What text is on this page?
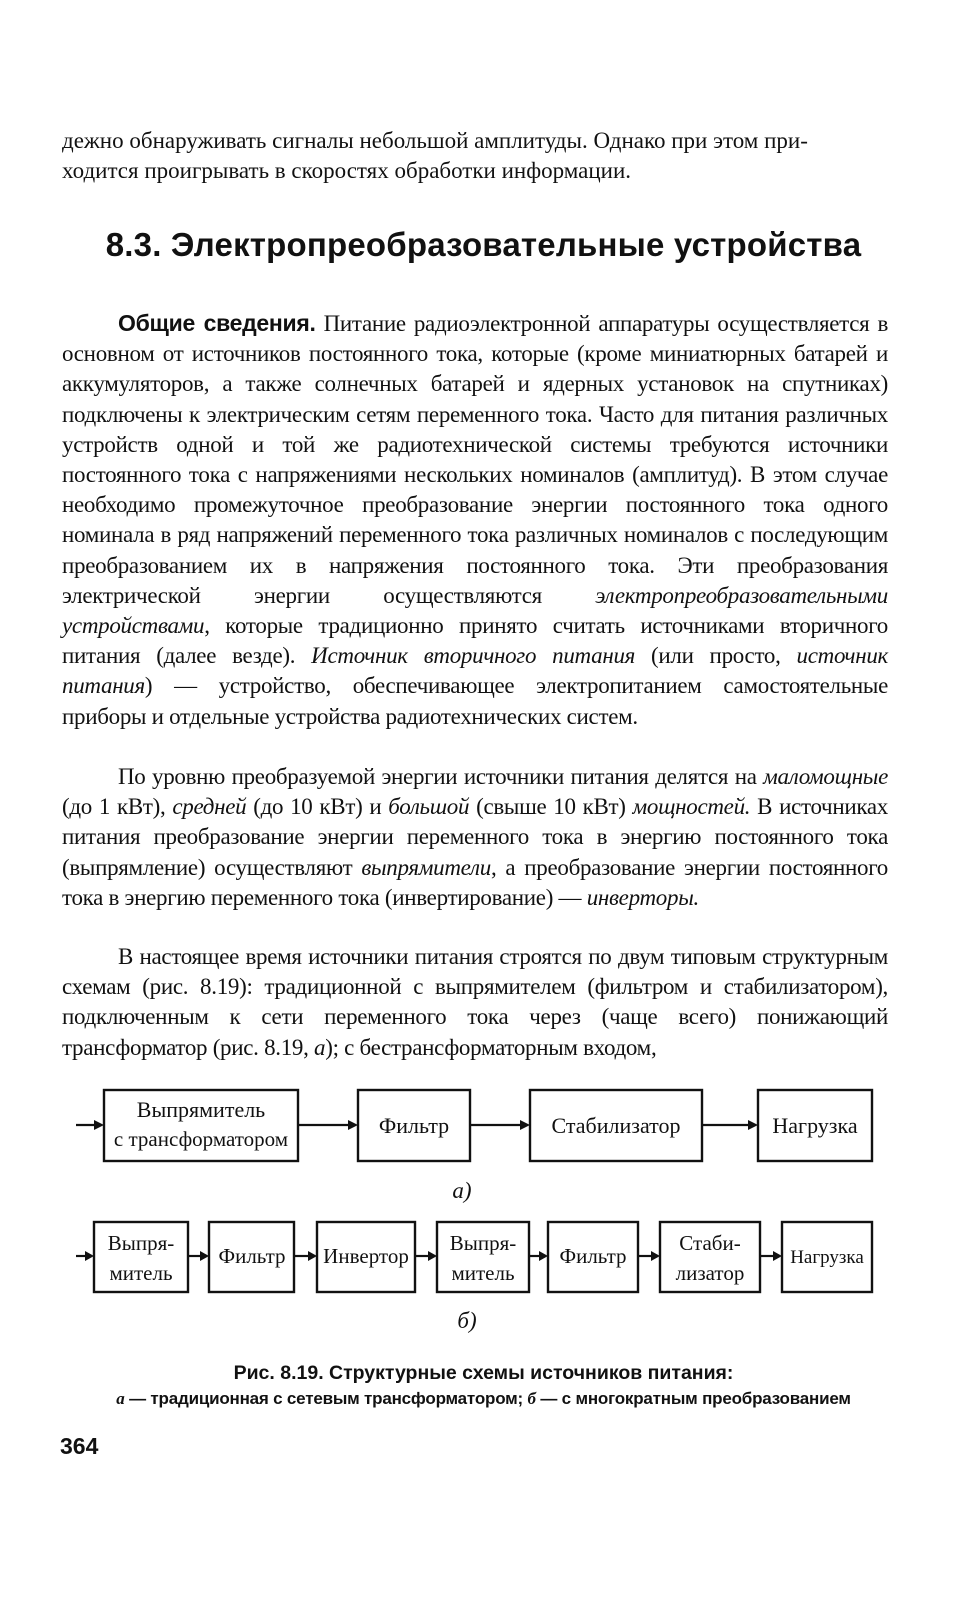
дежно обнаруживать сигналы небольшой амплитуды. Однако при этом при-
ходится проигрывать в скоростях обработки информации.

8.3. Электропреобразовательные устройства

Общие сведения. Питание радиоэлектронной аппаратуры осуществляется в основном от источников постоянного тока, которые (кроме миниатюрных батарей и аккумуляторов, а также солнечных батарей и ядерных установок на спутниках) подключены к электрическим сетям переменного тока. Часто для питания различных устройств одной и той же радиотехнической системы требуются источники постоянного тока с напряжениями нескольких номиналов (амплитуд). В этом случае необходимо промежуточное преобразование энергии постоянного тока одного номинала в ряд напряжений переменного тока различных номиналов с последующим преобразованием их в напряжения постоянного тока. Эти преобразования электрической энергии осуществляются электропреобразовательными устройствами, которые традиционно принято считать источниками вторичного питания (далее везде). Источник вторичного питания (или просто, источник питания) — устройство, обеспечивающее электропитанием самостоятельные приборы и отдельные устройства радиотехнических систем.

По уровню преобразуемой энергии источники питания делятся на маломощные (до 1 кВт), средней (до 10 кВт) и большой (свыше 10 кВт) мощностей. В источниках питания преобразование энергии переменного тока в энергию постоянного тока (выпрямление) осуществляют выпрямители, а преобразование энергии постоянного тока в энергию переменного тока (инвертирование) — инверторы.

В настоящее время источники питания строятся по двум типовым структурным схемам (рис. 8.19): традиционной с выпрямителем (фильтром и стабилизатором), подключенным к сети переменного тока через (чаще всего) понижающий трансформатор (рис. 8.19, а); с бестрансформаторным входом,

Выпрямитель
с трансформатором
Фильтр	Стабилизатор	Нагрузка
а)
Выпря-
митель
Фильтр Инвертор
Выпря-
митель
Фильтр
Стаби-
лизатор
Нагрузка
б)
Рис. 8.19. Структурные схемы источников питания:
а — традиционная с сетевым трансформатором; б — с многократным преобразованием
364
